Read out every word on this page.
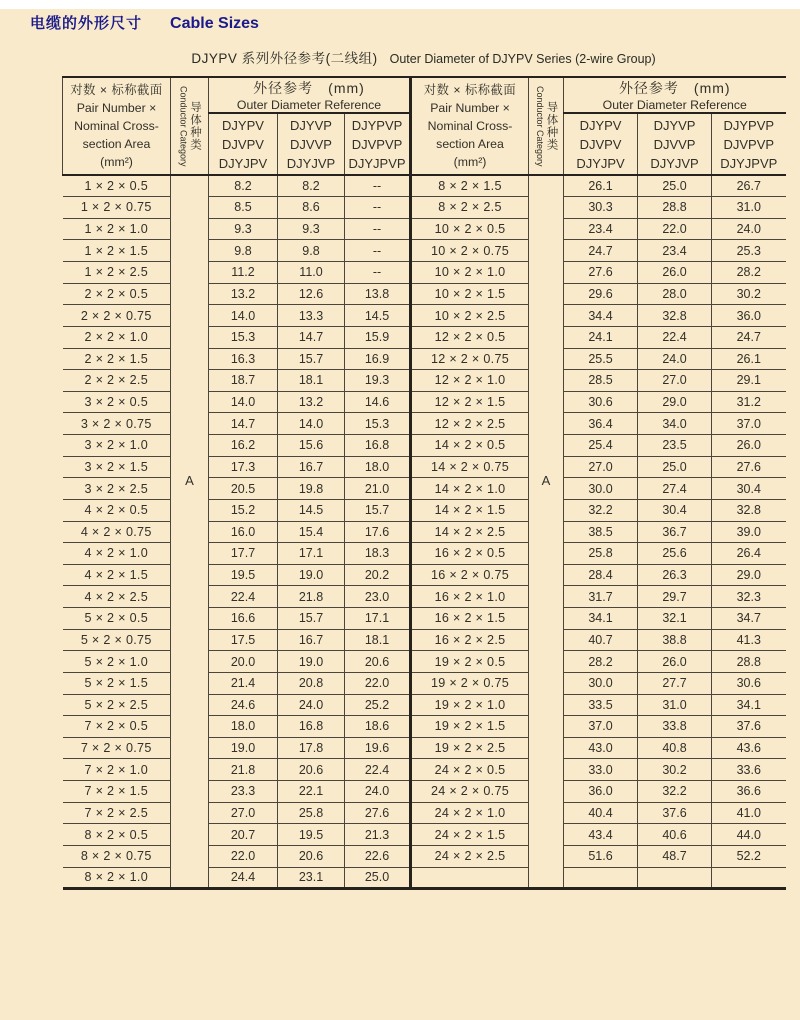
电缆的外形尺寸 Cable Sizes
DJYPV 系列外径参考(二线组) Outer Diameter of DJYPV Series (2-wire Group)
对数 × 标称截面
Pair Number ×
Nominal Cross-
section Area
(mm²)	Conductor Category 导体种类

外径参考　(mm)
Outer Diameter Reference

对数 × 标称截面
Pair Number ×
Nominal Cross-
section Area
(mm²)	Conductor Category 导体种类

外径参考　(mm)
Outer Diameter Reference

DJYPV
DJVPV
DJYJPV

DJYVP
DJVVP
DJYJVP

DJYPVP
DJVPVP
DJYJPVP

DJYPV
DJVPV
DJYJPV

DJYVP
DJVVP
DJYJVP

DJYPVP
DJVPVP
DJYJPVP

1 × 2 × 0.5	A	8.2	8.2	--	8 × 2 × 1.5	A	26.1	25.0	26.7
1 × 2 × 0.75		8.5	8.6	--	8 × 2 × 2.5		30.3	28.8	31.0
1 × 2 × 1.0		9.3	9.3	--	10 × 2 × 0.5		23.4	22.0	24.0
1 × 2 × 1.5		9.8	9.8	--	10 × 2 × 0.75		24.7	23.4	25.3
1 × 2 × 2.5		11.2	11.0	--	10 × 2 × 1.0		27.6	26.0	28.2
2 × 2 × 0.5		13.2	12.6	13.8	10 × 2 × 1.5		29.6	28.0	30.2
2 × 2 × 0.75		14.0	13.3	14.5	10 × 2 × 2.5		34.4	32.8	36.0
2 × 2 × 1.0		15.3	14.7	15.9	12 × 2 × 0.5		24.1	22.4	24.7
2 × 2 × 1.5		16.3	15.7	16.9	12 × 2 × 0.75		25.5	24.0	26.1
2 × 2 × 2.5		18.7	18.1	19.3	12 × 2 × 1.0		28.5	27.0	29.1
3 × 2 × 0.5		14.0	13.2	14.6	12 × 2 × 1.5		30.6	29.0	31.2
3 × 2 × 0.75		14.7	14.0	15.3	12 × 2 × 2.5		36.4	34.0	37.0
3 × 2 × 1.0		16.2	15.6	16.8	14 × 2 × 0.5		25.4	23.5	26.0
3 × 2 × 1.5		17.3	16.7	18.0	14 × 2 × 0.75		27.0	25.0	27.6
3 × 2 × 2.5		20.5	19.8	21.0	14 × 2 × 1.0		30.0	27.4	30.4
4 × 2 × 0.5		15.2	14.5	15.7	14 × 2 × 1.5		32.2	30.4	32.8
4 × 2 × 0.75		16.0	15.4	17.6	14 × 2 × 2.5		38.5	36.7	39.0
4 × 2 × 1.0		17.7	17.1	18.3	16 × 2 × 0.5		25.8	25.6	26.4
4 × 2 × 1.5		19.5	19.0	20.2	16 × 2 × 0.75		28.4	26.3	29.0
4 × 2 × 2.5		22.4	21.8	23.0	16 × 2 × 1.0		31.7	29.7	32.3
5 × 2 × 0.5		16.6	15.7	17.1	16 × 2 × 1.5		34.1	32.1	34.7
5 × 2 × 0.75		17.5	16.7	18.1	16 × 2 × 2.5		40.7	38.8	41.3
5 × 2 × 1.0		20.0	19.0	20.6	19 × 2 × 0.5		28.2	26.0	28.8
5 × 2 × 1.5		21.4	20.8	22.0	19 × 2 × 0.75		30.0	27.7	30.6
5 × 2 × 2.5		24.6	24.0	25.2	19 × 2 × 1.0		33.5	31.0	34.1
7 × 2 × 0.5		18.0	16.8	18.6	19 × 2 × 1.5		37.0	33.8	37.6
7 × 2 × 0.75		19.0	17.8	19.6	19 × 2 × 2.5		43.0	40.8	43.6
7 × 2 × 1.0		21.8	20.6	22.4	24 × 2 × 0.5		33.0	30.2	33.6
7 × 2 × 1.5		23.3	22.1	24.0	24 × 2 × 0.75		36.0	32.2	36.6
7 × 2 × 2.5		27.0	25.8	27.6	24 × 2 × 1.0		40.4	37.6	41.0
8 × 2 × 0.5		20.7	19.5	21.3	24 × 2 × 1.5		43.4	40.6	44.0
8 × 2 × 0.75		22.0	20.6	22.6	24 × 2 × 2.5		51.6	48.7	52.2
8 × 2 × 1.0		24.4	23.1	25.0					
